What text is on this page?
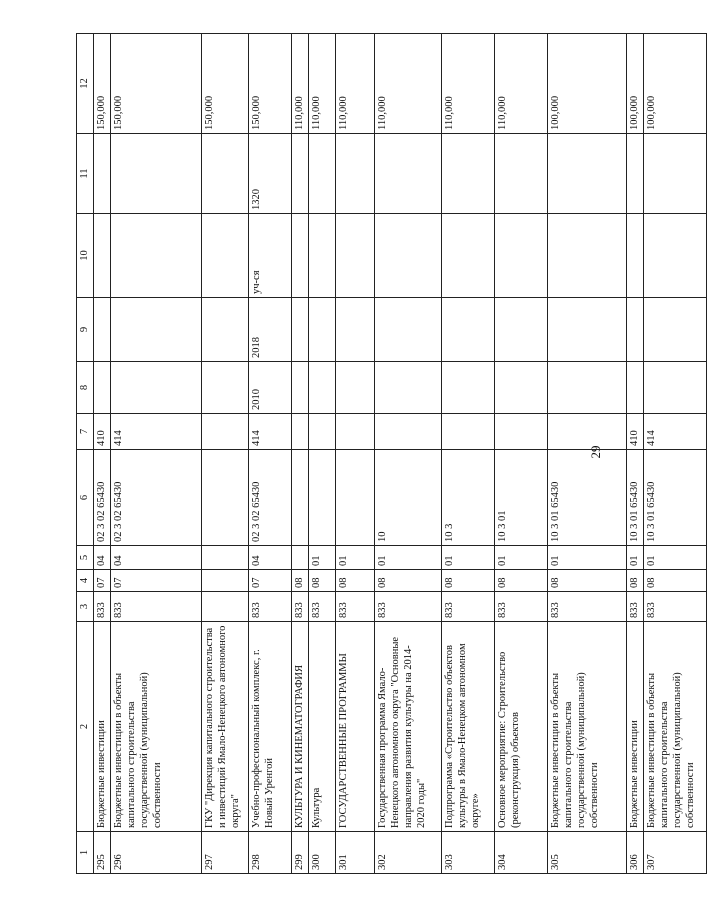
29
1	2	3	4	5	6	7	8	9	10	11	12
295	Бюджетные инвестиции	833	07	04	02 3 02 65430	410					150,000
296	Бюджетные инвестиции в объекты капитального строительства государственной (муниципальной) собственности	833	07	04	02 3 02 65430	414					150,000
297	ГКУ "Дирекция капитального строительства и инвестиций Ямало-Ненецкого автономного округа"										150,000
298	Учебно-профессиональный комплекс, г. Новый Уренгой	833	07	04	02 3 02 65430	414	2010	2018	уч-ся	1320	150,000
299	КУЛЬТУРА И КИНЕМАТОГРАФИЯ	833	08								110,000
300	Культура	833	08	01							110,000
301	ГОСУДАРСТВЕННЫЕ ПРОГРАММЫ	833	08	01							110,000
302	Государственная программа Ямало-Ненецкого автономного округа "Основные направления развития культуры на 2014-2020 годы"	833	08	01	10						110,000
303	Подпрограмма «Строительство объектов культуры в Ямало-Ненецком автономном округе»	833	08	01	10 3						110,000
304	Основное мероприятие: Строительство (реконструкция) объектов	833	08	01	10 3 01						110,000
305	Бюджетные инвестиции в объекты капитального строительства государственной (муниципальной) собственности	833	08	01	10 3 01 65430						100,000
306	Бюджетные инвестиции	833	08	01	10 3 01 65430	410					100,000
307	Бюджетные инвестиции в объекты капитального строительства государственной (муниципальной) собственности	833	08	01	10 3 01 65430	414					100,000
